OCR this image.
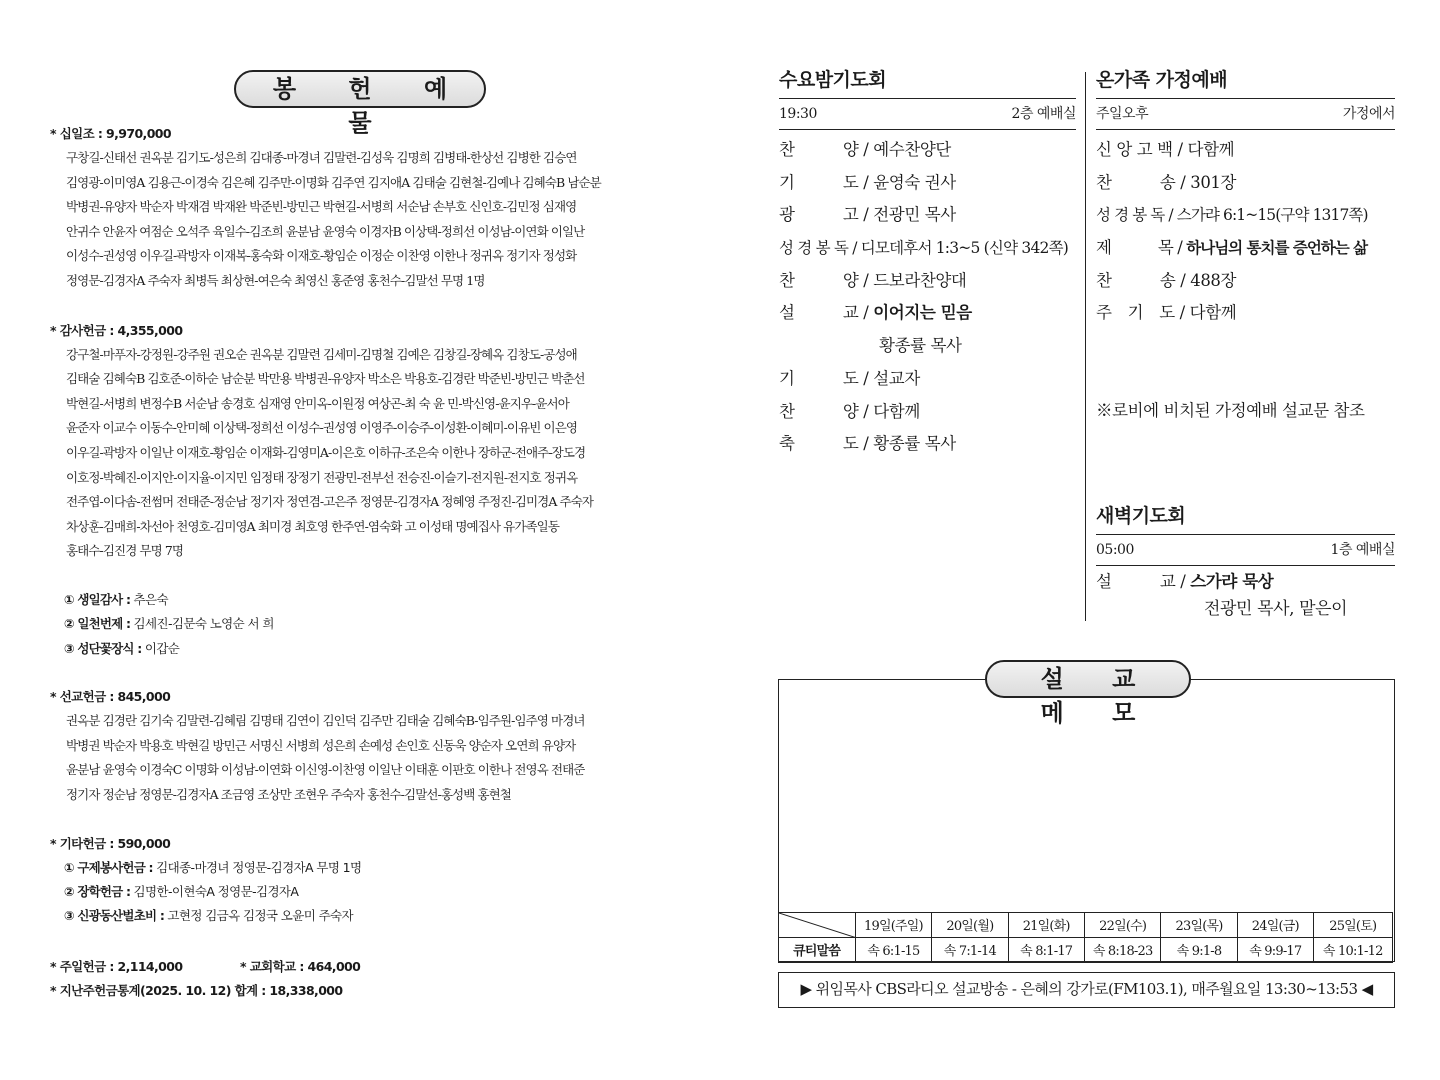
봉 헌 예 물
* 십일조 : 9,970,000
구창길-신태선 권옥분 김기도-성은희 김대종-마경녀 김말련-김성욱 김명희 김병태-한상선 김병한 김승연
김영광-이미영A 김용근-이경숙 김은혜 김주만-이명화 김주연 김지애A 김태술 김현철-김예나 김혜숙B 남순분
박병권-유양자 박순자 박재겸 박재완 박준빈-방민근 박현길-서병희 서순남 손부호 신인호-김민정 심재영
안귀수 안윤자 여점순 오석주 육일수-김조희 윤분남 윤영숙 이경자B 이상택-정희선 이성남-이연화 이일난
이성수-권성영 이우길-곽방자 이재복-홍숙화 이재호-황임순 이정순 이찬영 이한나 정귀옥 정기자 정성화
정영문-김경자A 주숙자 최병득 최상현-여은숙 최영신 홍준영 홍천수-김말선 무명 1명
* 감사헌금 : 4,355,000
강구철-마푸자-강정원-강주원 권오순 권옥분 김말련 김세미-김명철 김예은 김창길-장혜옥 김창도-공성애
김태술 김혜숙B 김호준-이하순 남순분 박만용 박병권-유양자 박소은 박용호-김경란 박준빈-방민근 박춘선
박현길-서병희 변정수B 서순남 송경호 심재영 안미옥-이원정 여상곤-최 숙 윤 민-박신영-윤지우-윤서아
윤준자 이교수 이동수-안미혜 이상택-정희선 이성수-권성영 이영주-이승주-이성환-이혜미-이유빈 이은영
이우길-곽방자 이일난 이재호-황임순 이재화-김영미A-이은호 이하규-조은숙 이한나 장하군-전애주-장도경
이호정-박혜진-이지안-이지율-이지민 임정태 장정기 전광민-전부선 전승진-이슬기-전지원-전지호 정귀옥
전주엽-이다솜-전썸머 전태준-정순남 정기자 정연겸-고은주 정영문-김경자A 정혜영 주정진-김미경A 주숙자
차상훈-김매희-차선아 천영호-김미영A 최미경 최호영 한주연-염숙화 고 이성태 명예집사 유가족일동
홍태수-김진경 무명 7명
① 생일감사 : 추은숙
② 일천번제 : 김세진-김문숙 노영순 서 희
③ 성단꽃장식 : 이갑순
* 선교헌금 : 845,000
권옥분 김경란 김기숙 김말련-김혜림 김명태 김연이 김인덕 김주만 김태술 김혜숙B-임주원-임주영 마경녀
박병권 박순자 박용호 박현길 방민근 서명신 서병희 성은희 손예성 손인호 신동욱 양순자 오연희 유양자
윤분남 윤영숙 이경숙C 이명화 이성남-이연화 이신영-이찬영 이일난 이태훈 이판호 이한나 전영옥 전태준
정기자 정순남 정영문-김경자A 조금영 조상만 조현우 주숙자 홍천수-김말선-홍성백 홍현철
* 기타헌금 : 590,000
① 구제봉사헌금 : 김대종-마경녀 정영문-김경자A 무명 1명
② 장학헌금 : 김명한-이현숙A 정영문-김경자A
③ 신광동산벌초비 : 고현정 김금옥 김정국 오윤미 주숙자
* 주일헌금 : 2,114,000	* 교회학교 : 464,000
* 지난주헌금통계(2025. 10. 12) 합계 : 18,338,000
수요밤기도회
19:30	2층 예배실
찬　　　양 / 예수찬양단
기　　　도 / 윤영숙 권사
광　　　고 / 전광민 목사
성 경 봉 독 / 디모데후서 1:3~5 (신약 342쪽)
찬　　　양 / 드보라찬양대
설　　　교 / 이어지는 믿음
황종률 목사
기　　　도 / 설교자
찬　　　양 / 다함께
축　　　도 / 황종률 목사
온가족 가정예배
주일오후	가정에서
신 앙 고 백 / 다함께
찬　　　송 / 301장
성 경 봉 독 / 스가랴 6:1~15(구약 1317쪽)
제　　　목 / 하나님의 통치를 증언하는 삶
찬　　　송 / 488장
주　기　도 / 다함께
※로비에 비치된 가정예배 설교문 참조
새벽기도회
05:00	1층 예배실
설　　　교 / 스가랴 묵상
전광민 목사, 맡은이
설 교 메 모
	19일(주일)	20일(월)	21일(화)	22일(수)	23일(목)	24일(금)	25일(토)
큐티말씀	속 6:1-15	속 7:1-14	속 8:1-17	속 8:18-23	속 9:1-8	속 9:9-17	속 10:1-12
▶ 위임목사 CBS라디오 설교방송 - 은혜의 강가로(FM103.1), 매주월요일 13:30~13:53 ◀
